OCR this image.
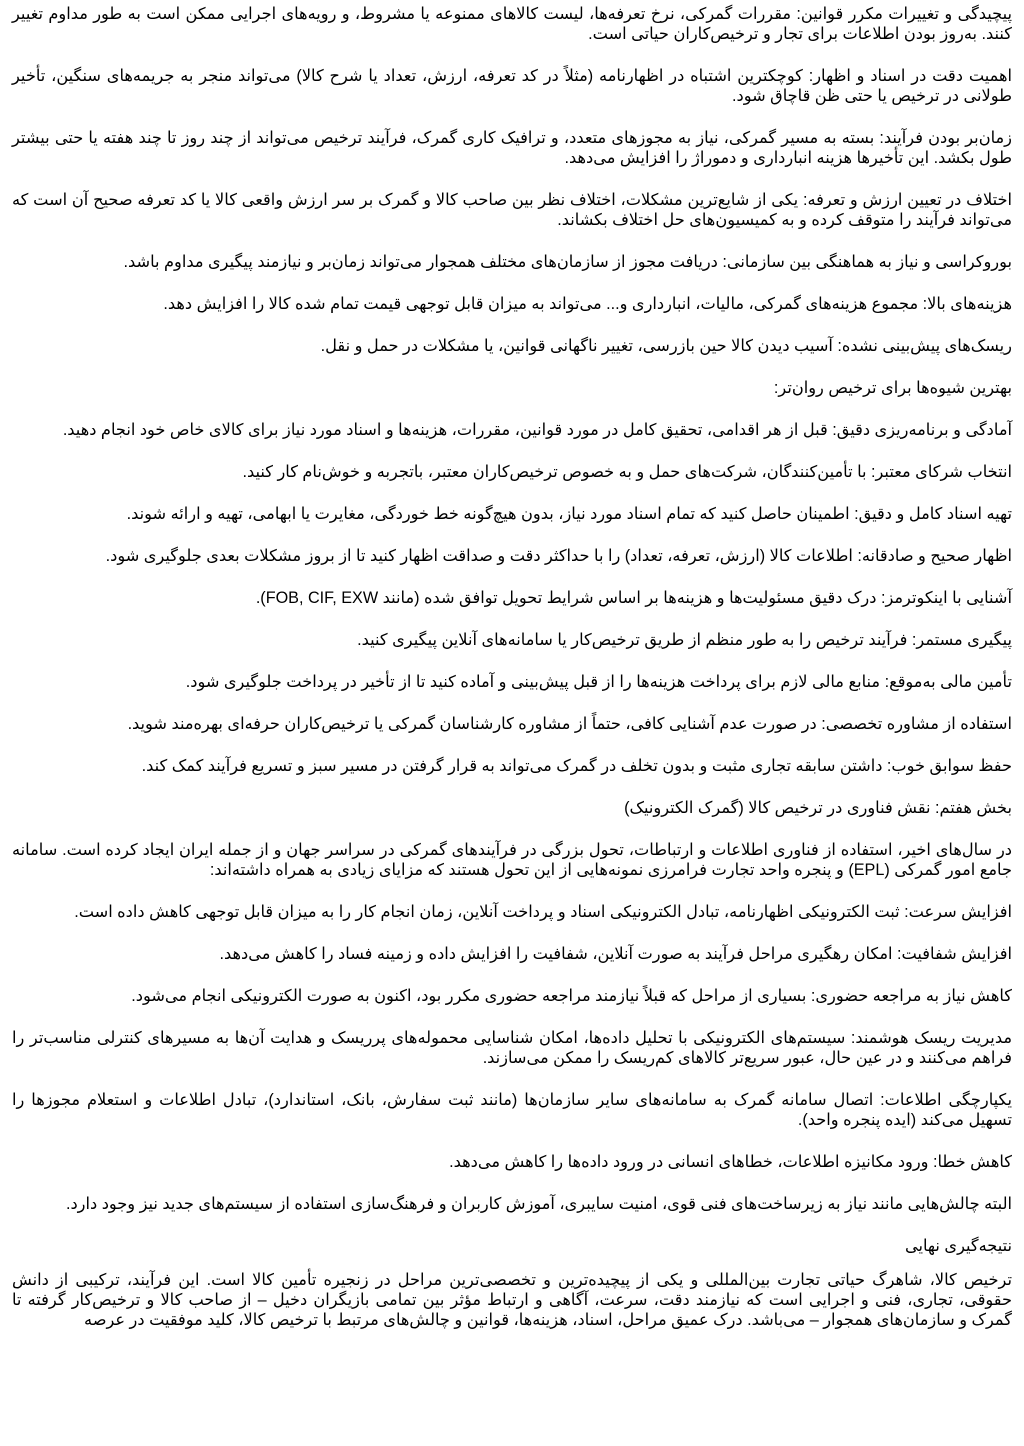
پیچیدگی و تغییرات مکرر قوانین: مقررات گمرکی، نرخ تعرفه‌ها، لیست کالاهای ممنوعه یا مشروط، و رویه‌های اجرایی ممکن است به طور مداوم تغییر کنند. به‌روز بودن اطلاعات برای تجار و ترخیص‌کاران حیاتی است.

اهمیت دقت در اسناد و اظهار: کوچکترین اشتباه در اظهارنامه (مثلاً در کد تعرفه، ارزش، تعداد یا شرح کالا) می‌تواند منجر به جریمه‌های سنگین، تأخیر طولانی در ترخیص یا حتی ظن قاچاق شود.

زمان‌بر بودن فرآیند: بسته به مسیر گمرکی، نیاز به مجوزهای متعدد، و ترافیک کاری گمرک، فرآیند ترخیص می‌تواند از چند روز تا چند هفته یا حتی بیشتر طول بکشد. این تأخیرها هزینه انبارداری و دموراژ را افزایش می‌دهد.

اختلاف در تعیین ارزش و تعرفه: یکی از شایع‌ترین مشکلات، اختلاف نظر بین صاحب کالا و گمرک بر سر ارزش واقعی کالا یا کد تعرفه صحیح آن است که می‌تواند فرآیند را متوقف کرده و به کمیسیون‌های حل اختلاف بکشاند.

بوروکراسی و نیاز به هماهنگی بین سازمانی: دریافت مجوز از سازمان‌های مختلف همجوار می‌تواند زمان‌بر و نیازمند پیگیری مداوم باشد.

هزینه‌های بالا: مجموع هزینه‌های گمرکی، مالیات، انبارداری و... می‌تواند به میزان قابل توجهی قیمت تمام شده کالا را افزایش دهد.

ریسک‌های پیش‌بینی نشده: آسیب دیدن کالا حین بازرسی، تغییر ناگهانی قوانین، یا مشکلات در حمل و نقل.

بهترین شیوه‌ها برای ترخیص روان‌تر:

آمادگی و برنامه‌ریزی دقیق: قبل از هر اقدامی، تحقیق کامل در مورد قوانین، مقررات، هزینه‌ها و اسناد مورد نیاز برای کالای خاص خود انجام دهید.

انتخاب شرکای معتبر: با تأمین‌کنندگان، شرکت‌های حمل و به خصوص ترخیص‌کاران معتبر، باتجربه و خوش‌نام کار کنید.

تهیه اسناد کامل و دقیق: اطمینان حاصل کنید که تمام اسناد مورد نیاز، بدون هیچ‌گونه خط خوردگی، مغایرت یا ابهامی، تهیه و ارائه شوند.

اظهار صحیح و صادقانه: اطلاعات کالا (ارزش، تعرفه، تعداد) را با حداکثر دقت و صداقت اظهار کنید تا از بروز مشکلات بعدی جلوگیری شود.

آشنایی با اینکوترمز: درک دقیق مسئولیت‌ها و هزینه‌ها بر اساس شرایط تحویل توافق شده (مانند FOB, CIF, EXW).

پیگیری مستمر: فرآیند ترخیص را به طور منظم از طریق ترخیص‌کار یا سامانه‌های آنلاین پیگیری کنید.

تأمین مالی به‌موقع: منابع مالی لازم برای پرداخت هزینه‌ها را از قبل پیش‌بینی و آماده کنید تا از تأخیر در پرداخت جلوگیری شود.

استفاده از مشاوره تخصصی: در صورت عدم آشنایی کافی، حتماً از مشاوره کارشناسان گمرکی یا ترخیص‌کاران حرفه‌ای بهره‌مند شوید.

حفظ سوابق خوب: داشتن سابقه تجاری مثبت و بدون تخلف در گمرک می‌تواند به قرار گرفتن در مسیر سبز و تسریع فرآیند کمک کند.

بخش هفتم: نقش فناوری در ترخیص کالا (گمرک الکترونیک)

در سال‌های اخیر، استفاده از فناوری اطلاعات و ارتباطات، تحول بزرگی در فرآیندهای گمرکی در سراسر جهان و از جمله ایران ایجاد کرده است. سامانه جامع امور گمرکی (EPL) و پنجره واحد تجارت فرامرزی نمونه‌هایی از این تحول هستند که مزایای زیادی به همراه داشته‌اند:

افزایش سرعت: ثبت الکترونیکی اظهارنامه، تبادل الکترونیکی اسناد و پرداخت آنلاین، زمان انجام کار را به میزان قابل توجهی کاهش داده است.

افزایش شفافیت: امکان رهگیری مراحل فرآیند به صورت آنلاین، شفافیت را افزایش داده و زمینه فساد را کاهش می‌دهد.

کاهش نیاز به مراجعه حضوری: بسیاری از مراحل که قبلاً نیازمند مراجعه حضوری مکرر بود، اکنون به صورت الکترونیکی انجام می‌شود.

مدیریت ریسک هوشمند: سیستم‌های الکترونیکی با تحلیل داده‌ها، امکان شناسایی محموله‌های پرریسک و هدایت آن‌ها به مسیرهای کنترلی مناسب‌تر را فراهم می‌کنند و در عین حال، عبور سریع‌تر کالاهای کم‌ریسک را ممکن می‌سازند.

یکپارچگی اطلاعات: اتصال سامانه گمرک به سامانه‌های سایر سازمان‌ها (مانند ثبت سفارش، بانک، استاندارد)، تبادل اطلاعات و استعلام مجوزها را تسهیل می‌کند (ایده پنجره واحد).

کاهش خطا: ورود مکانیزه اطلاعات، خطاهای انسانی در ورود داده‌ها را کاهش می‌دهد.

البته چالش‌هایی مانند نیاز به زیرساخت‌های فنی قوی، امنیت سایبری، آموزش کاربران و فرهنگ‌سازی استفاده از سیستم‌های جدید نیز وجود دارد.

نتیجه‌گیری نهایی

ترخیص کالا، شاهرگ حیاتی تجارت بین‌المللی و یکی از پیچیده‌ترین و تخصصی‌ترین مراحل در زنجیره تأمین کالا است. این فرآیند، ترکیبی از دانش حقوقی، تجاری، فنی و اجرایی است که نیازمند دقت، سرعت، آگاهی و ارتباط مؤثر بین تمامی بازیگران دخیل – از صاحب کالا و ترخیص‌کار گرفته تا گمرک و سازمان‌های همجوار – می‌باشد. درک عمیق مراحل، اسناد، هزینه‌ها، قوانین و چالش‌های مرتبط با ترخیص کالا، کلید موفقیت در عرصه
